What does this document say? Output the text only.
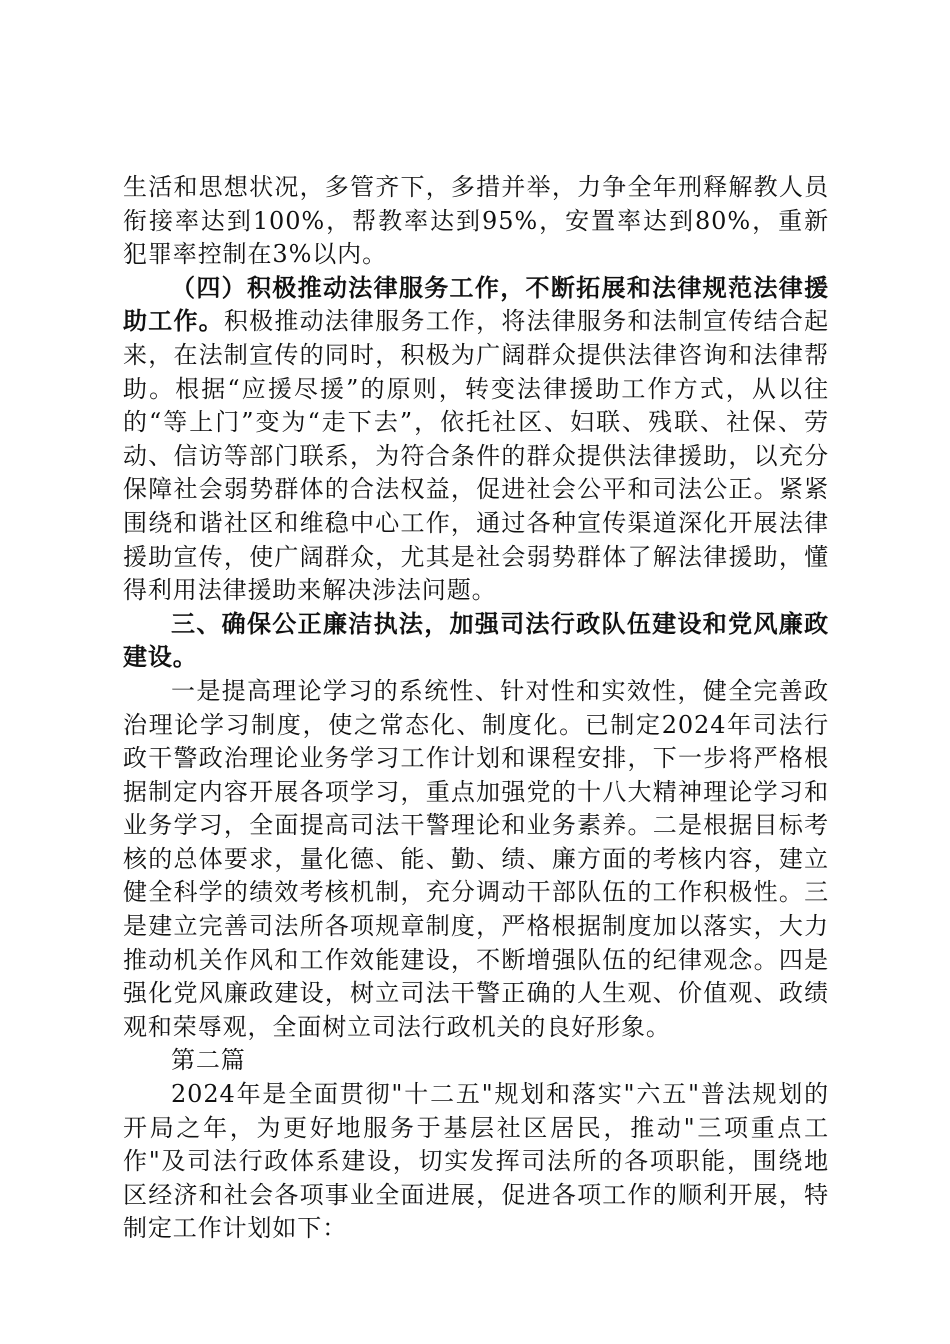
生活和思想状况，多管齐下，多措并举，力争全年刑释解教人员衔接率达到100%，帮教率达到95%，安置率达到80%，重新犯罪率控制在3%以内。

（四）积极推动法律服务工作，不断拓展和法律规范法律援助工作。积极推动法律服务工作，将法律服务和法制宣传结合起来，在法制宣传的同时，积极为广阔群众提供法律咨询和法律帮助。根据“应援尽援”的原则，转变法律援助工作方式，从以往的“等上门”变为“走下去”，依托社区、妇联、残联、社保、劳动、信访等部门联系，为符合条件的群众提供法律援助，以充分保障社会弱势群体的合法权益，促进社会公平和司法公正。紧紧围绕和谐社区和维稳中心工作，通过各种宣传渠道深化开展法律援助宣传，使广阔群众，尤其是社会弱势群体了解法律援助，懂得利用法律援助来解决涉法问题。

三、确保公正廉洁执法，加强司法行政队伍建设和党风廉政建设。

一是提高理论学习的系统性、针对性和实效性，健全完善政治理论学习制度，使之常态化、制度化。已制定2024年司法行政干警政治理论业务学习工作计划和课程安排，下一步将严格根据制定内容开展各项学习，重点加强党的十八大精神理论学习和业务学习，全面提高司法干警理论和业务素养。二是根据目标考核的总体要求，量化德、能、勤、绩、廉方面的考核内容，建立健全科学的绩效考核机制，充分调动干部队伍的工作积极性。三是建立完善司法所各项规章制度，严格根据制度加以落实，大力推动机关作风和工作效能建设，不断增强队伍的纪律观念。四是强化党风廉政建设，树立司法干警正确的人生观、价值观、政绩观和荣辱观，全面树立司法行政机关的良好形象。

第二篇

2024年是全面贯彻"十二五"规划和落实"六五"普法规划的开局之年，为更好地服务于基层社区居民，推动"三项重点工作"及司法行政体系建设，切实发挥司法所的各项职能，围绕地区经济和社会各项事业全面进展，促进各项工作的顺利开展，特制定工作计划如下：
